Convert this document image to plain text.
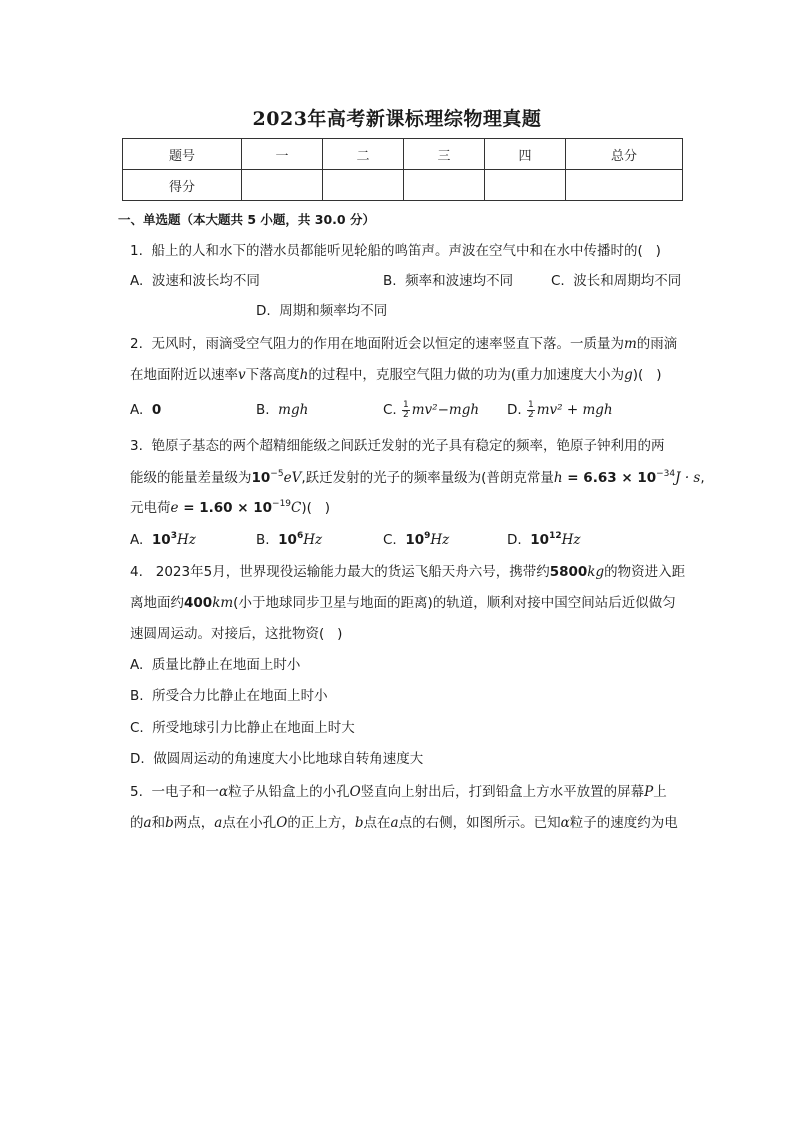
2023年高考新课标理综物理真题
题号	一	二	三	四	总分
得分					
一、单选题（本大题共 5 小题，共 30.0 分）
1.  船上的人和水下的潜水员都能听见轮船的鸣笛声。声波在空气中和在水中传播时的(   )
A.  波速和波长均不同	B.  频率和波速均不同	C.  波长和周期均不同
D.  周期和频率均不同
2.  无风时，雨滴受空气阻力的作用在地面附近会以恒定的速率竖直下落。一质量为m的雨滴
在地面附近以速率v下落高度h的过程中，克服空气阻力做的功为(重力加速度大小为g)(   )
A. 0	B. mgh	C. $\frac{1}{2} mv^2-mgh$ D. $\frac{1}{2} mv^2$ + mgh
3.  铯原子基态的两个超精细能级之间跃迁发射的光子具有稳定的频率，铯原子钟利用的两
能级的能量差量级为$10^{-5}eV$,跃迁发射的光子的频率量级为(普朗克常量$h = 6.63 \times 10^{-34}J \cdot s$,
元电荷$e = 1.60 \times 10^{-19}C$)(   )
A. $10^3Hz$	B. $10^6Hz$	C. $10^9Hz$	D. $10^{12}Hz$
4.   2023年5月，世界现役运输能力最大的货运飞船天舟六号，携带约5800kg的物资进入距
离地面约400km(小于地球同步卫星与地面的距离)的轨道，顺利对接中国空间站后近似做匀
速圆周运动。对接后，这批物资(   )
A.  质量比静止在地面上时小
B.  所受合力比静止在地面上时小
C.  所受地球引力比静止在地面上时大
D.  做圆周运动的角速度大小比地球自转角速度大
5.  一电子和一α粒子从铅盒上的小孔O竖直向上射出后，打到铅盒上方水平放置的屏幕P上
的a和b两点，a点在小孔O的正上方，b点在a点的右侧，如图所示。已知α粒子的速度约为电
